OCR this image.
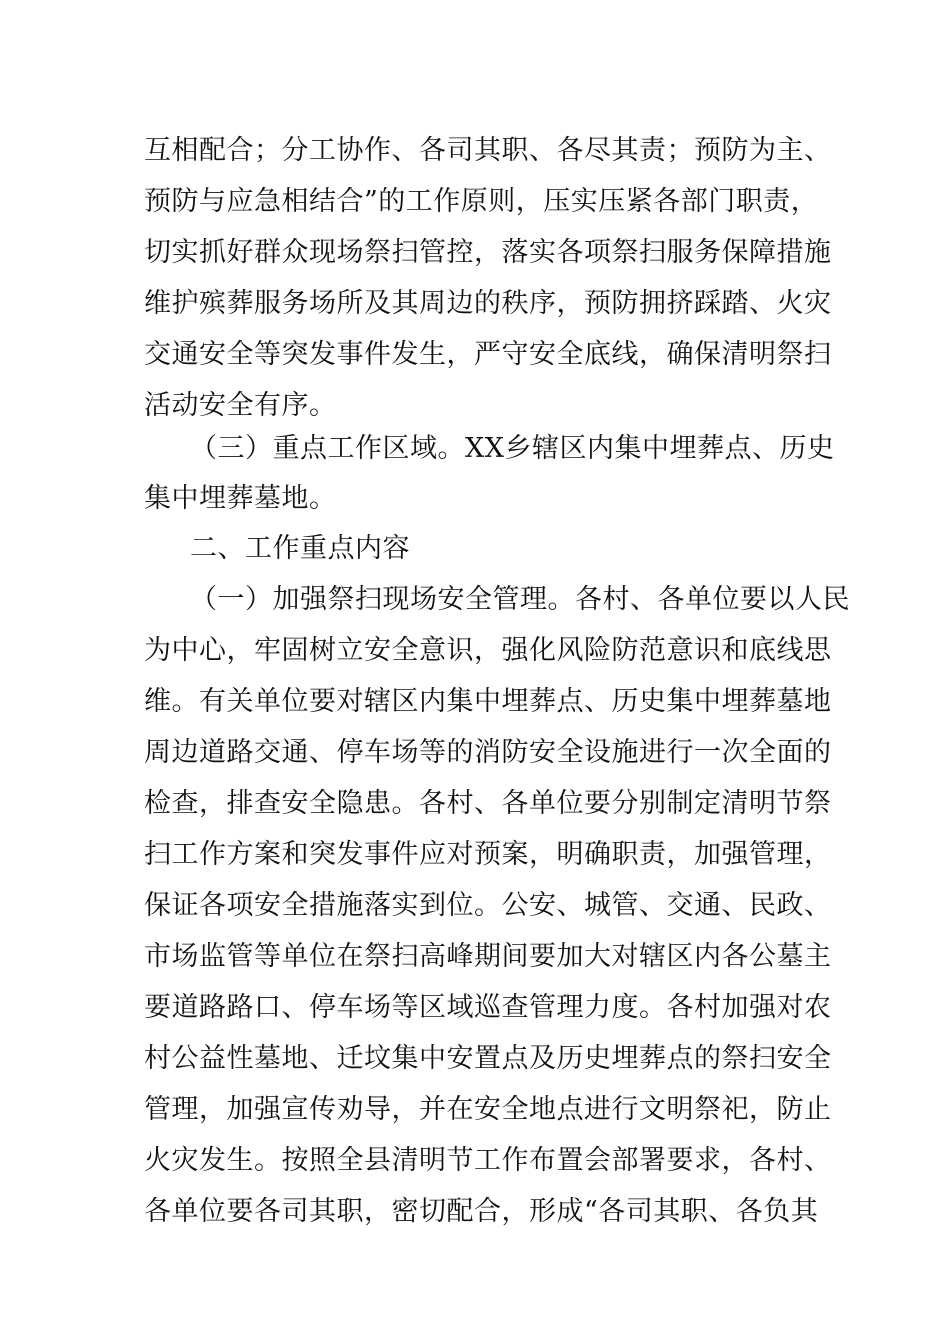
互相配合；分工协作、各司其职、各尽其责；预防为主、
预防与应急相结合”的工作原则，压实压紧各部门职责，
切实抓好群众现场祭扫管控，落实各项祭扫服务保障措施
维护殡葬服务场所及其周边的秩序，预防拥挤踩踏、火灾
交通安全等突发事件发生，严守安全底线，确保清明祭扫
活动安全有序。
（三）重点工作区域。XX乡辖区内集中埋葬点、历史
集中埋葬墓地。
二、工作重点内容
（一）加强祭扫现场安全管理。各村、各单位要以人民
为中心，牢固树立安全意识，强化风险防范意识和底线思
维。有关单位要对辖区内集中埋葬点、历史集中埋葬墓地
周边道路交通、停车场等的消防安全设施进行一次全面的
检查，排查安全隐患。各村、各单位要分别制定清明节祭
扫工作方案和突发事件应对预案，明确职责，加强管理，
保证各项安全措施落实到位。公安、城管、交通、民政、
市场监管等单位在祭扫高峰期间要加大对辖区内各公墓主
要道路路口、停车场等区域巡查管理力度。各村加强对农
村公益性墓地、迁坟集中安置点及历史埋葬点的祭扫安全
管理，加强宣传劝导，并在安全地点进行文明祭祀，防止
火灾发生。按照全县清明节工作布置会部署要求，各村、
各单位要各司其职，密切配合，形成“各司其职、各负其
